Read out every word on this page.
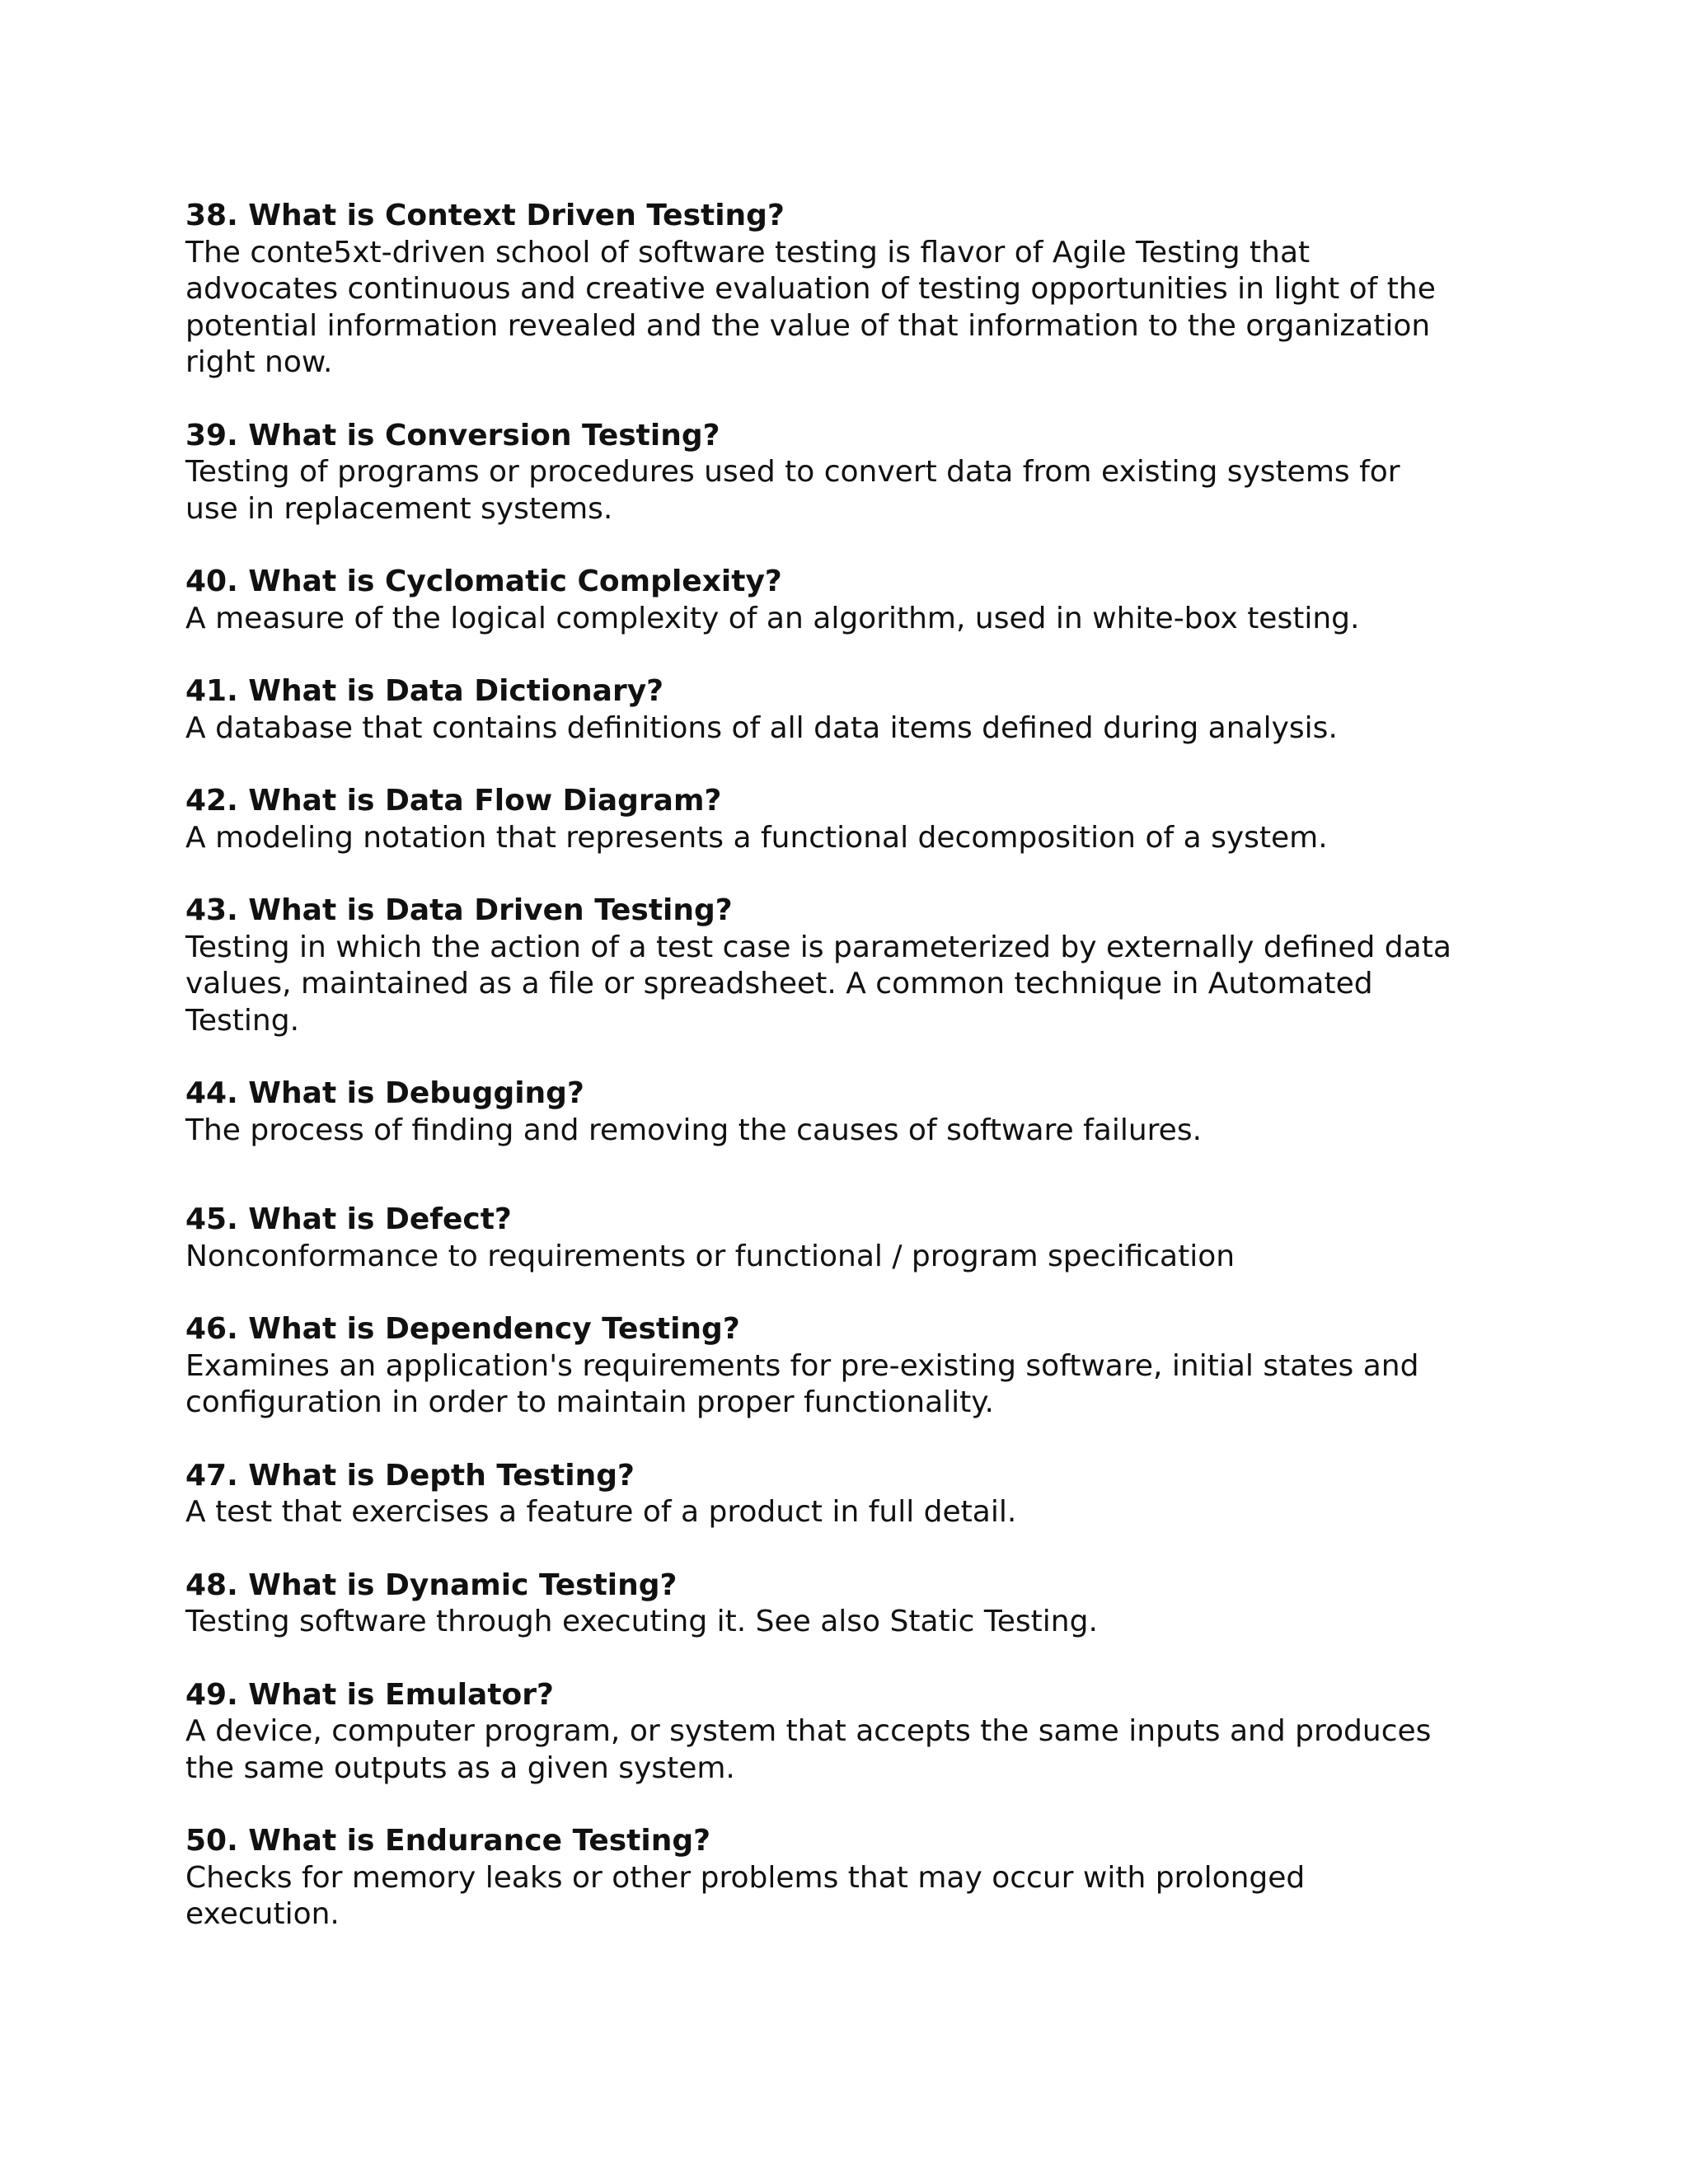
38. What is Context Driven Testing?
The conte5xt-driven school of software testing is flavor of Agile Testing that
advocates continuous and creative evaluation of testing opportunities in light of the
potential information revealed and the value of that information to the organization
right now.
39. What is Conversion Testing?
Testing of programs or procedures used to convert data from existing systems for
use in replacement systems.
40. What is Cyclomatic Complexity?
A measure of the logical complexity of an algorithm, used in white-box testing.
41. What is Data Dictionary?
A database that contains definitions of all data items defined during analysis.
42. What is Data Flow Diagram?
A modeling notation that represents a functional decomposition of a system.
43. What is Data Driven Testing?
Testing in which the action of a test case is parameterized by externally defined data
values, maintained as a file or spreadsheet. A common technique in Automated
Testing.
44. What is Debugging?
The process of finding and removing the causes of software failures.
45. What is Defect?
Nonconformance to requirements or functional / program specification
46. What is Dependency Testing?
Examines an application's requirements for pre-existing software, initial states and
configuration in order to maintain proper functionality.
47. What is Depth Testing?
A test that exercises a feature of a product in full detail.
48. What is Dynamic Testing?
Testing software through executing it. See also Static Testing.
49. What is Emulator?
A device, computer program, or system that accepts the same inputs and produces
the same outputs as a given system.
50. What is Endurance Testing?
Checks for memory leaks or other problems that may occur with prolonged
execution.
